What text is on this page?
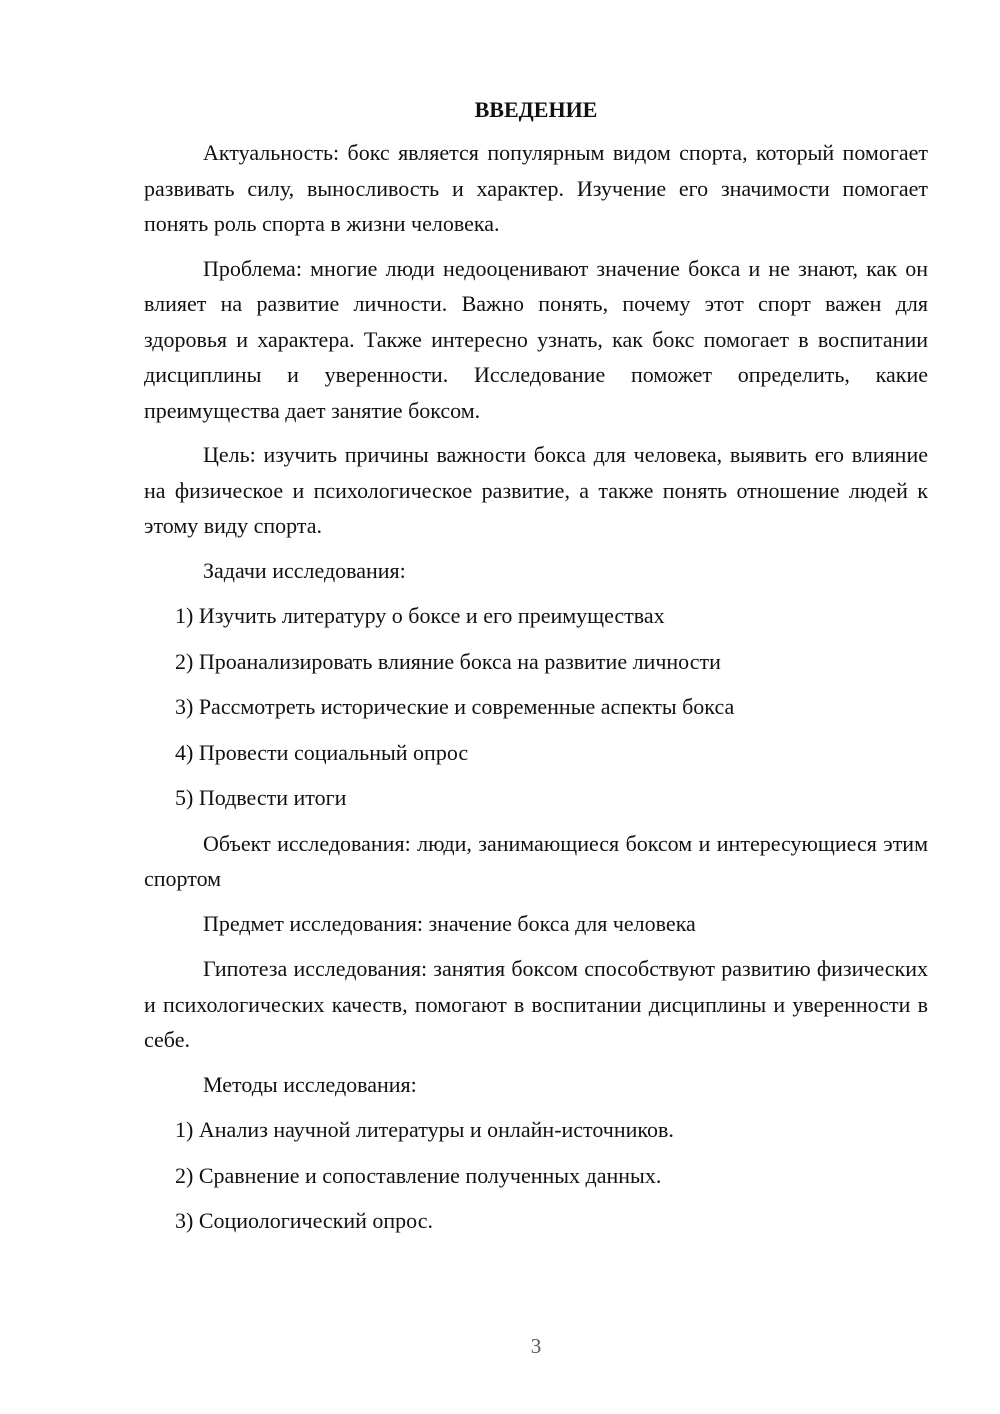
ВВЕДЕНИЕ
Актуальность: бокс является популярным видом спорта, который помогает развивать силу, выносливость и характер. Изучение его значимости помогает понять роль спорта в жизни человека.
Проблема: многие люди недооценивают значение бокса и не знают, как он влияет на развитие личности. Важно понять, почему этот спорт важен для здоровья и характера. Также интересно узнать, как бокс помогает в воспитании дисциплины и уверенности. Исследование поможет определить, какие преимущества дает занятие боксом.
Цель: изучить причины важности бокса для человека, выявить его влияние на физическое и психологическое развитие, а также понять отношение людей к этому виду спорта.
Задачи исследования:
1) Изучить литературу о боксе и его преимуществах
2) Проанализировать влияние бокса на развитие личности
3) Рассмотреть исторические и современные аспекты бокса
4) Провести социальный опрос
5) Подвести итоги
Объект исследования: люди, занимающиеся боксом и интересующиеся этим спортом
Предмет исследования: значение бокса для человека
Гипотеза исследования: занятия боксом способствуют развитию физических и психологических качеств, помогают в воспитании дисциплины и уверенности в себе.
Методы исследования:
1) Анализ научной литературы и онлайн-источников.
2) Сравнение и сопоставление полученных данных.
3) Социологический опрос.
3
